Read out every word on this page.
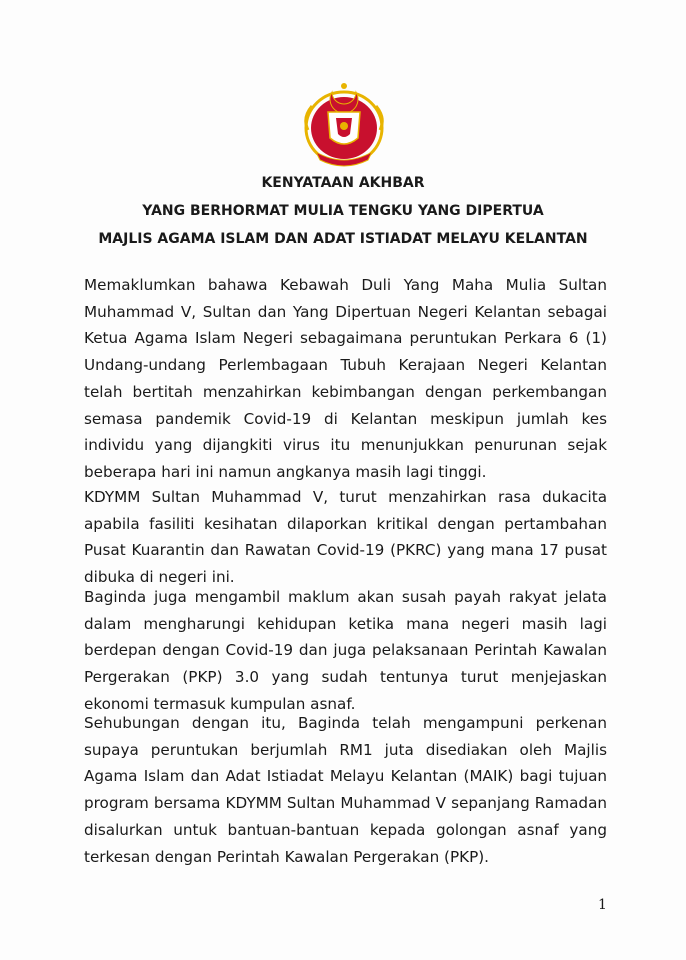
KENYATAAN AKHBAR
YANG BERHORMAT MULIA TENGKU YANG DIPERTUA
MAJLIS AGAMA ISLAM DAN ADAT ISTIADAT MELAYU KELANTAN

Memaklumkan bahawa Kebawah Duli Yang Maha Mulia Sultan Muhammad V, Sultan dan Yang Dipertuan Negeri Kelantan sebagai Ketua Agama Islam Negeri sebagaimana peruntukan Perkara 6 (1) Undang-undang Perlembagaan Tubuh Kerajaan Negeri Kelantan telah bertitah menzahirkan kebimbangan dengan perkembangan semasa pandemik Covid-19 di Kelantan meskipun jumlah kes individu yang dijangkiti virus itu menunjukkan penurunan sejak beberapa hari ini namun angkanya masih lagi tinggi.

KDYMM Sultan Muhammad V, turut menzahirkan rasa dukacita apabila fasiliti kesihatan dilaporkan kritikal dengan pertambahan Pusat Kuarantin dan Rawatan Covid-19 (PKRC) yang mana 17 pusat dibuka di negeri ini.

Baginda juga mengambil maklum akan susah payah rakyat jelata dalam mengharungi kehidupan ketika mana negeri masih lagi berdepan dengan Covid-19 dan juga pelaksanaan Perintah Kawalan Pergerakan (PKP) 3.0 yang sudah tentunya turut menjejaskan ekonomi termasuk kumpulan asnaf.

Sehubungan dengan itu, Baginda telah mengampuni perkenan supaya peruntukan berjumlah RM1 juta disediakan oleh Majlis Agama Islam dan Adat Istiadat Melayu Kelantan (MAIK) bagi tujuan program bersama KDYMM Sultan Muhammad V sepanjang Ramadan disalurkan untuk bantuan-bantuan kepada golongan asnaf yang terkesan dengan Perintah Kawalan Pergerakan (PKP).

1
